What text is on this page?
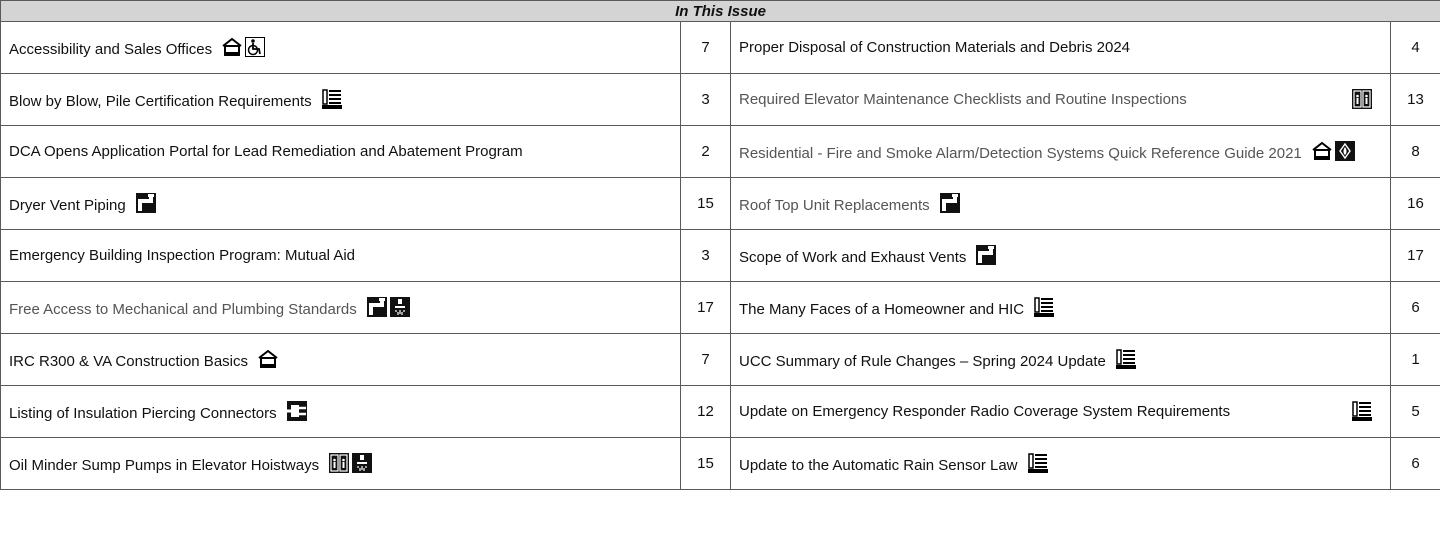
In This Issue			
Accessibility and Sales Offices	7	Proper Disposal of Construction Materials and Debris 2024	4
Blow by Blow, Pile Certification Requirements	3	Required Elevator Maintenance Checklists and Routine Inspections	13
DCA Opens Application Portal for Lead Remediation and Abatement Program	2	Residential - Fire and Smoke Alarm/Detection Systems Quick Reference Guide 2021	8
Dryer Vent Piping	15	Roof Top Unit Replacements	16
Emergency Building Inspection Program: Mutual Aid	3	Scope of Work and Exhaust Vents	17
Free Access to Mechanical and Plumbing Standards	17	The Many Faces of a Homeowner and HIC	6
IRC R300 & VA Construction Basics	7	UCC Summary of Rule Changes – Spring 2024 Update	1
Listing of Insulation Piercing Connectors	12	Update on Emergency Responder Radio Coverage System Requirements	5
Oil Minder Sump Pumps in Elevator Hoistways	15	Update to the Automatic Rain Sensor Law	6
